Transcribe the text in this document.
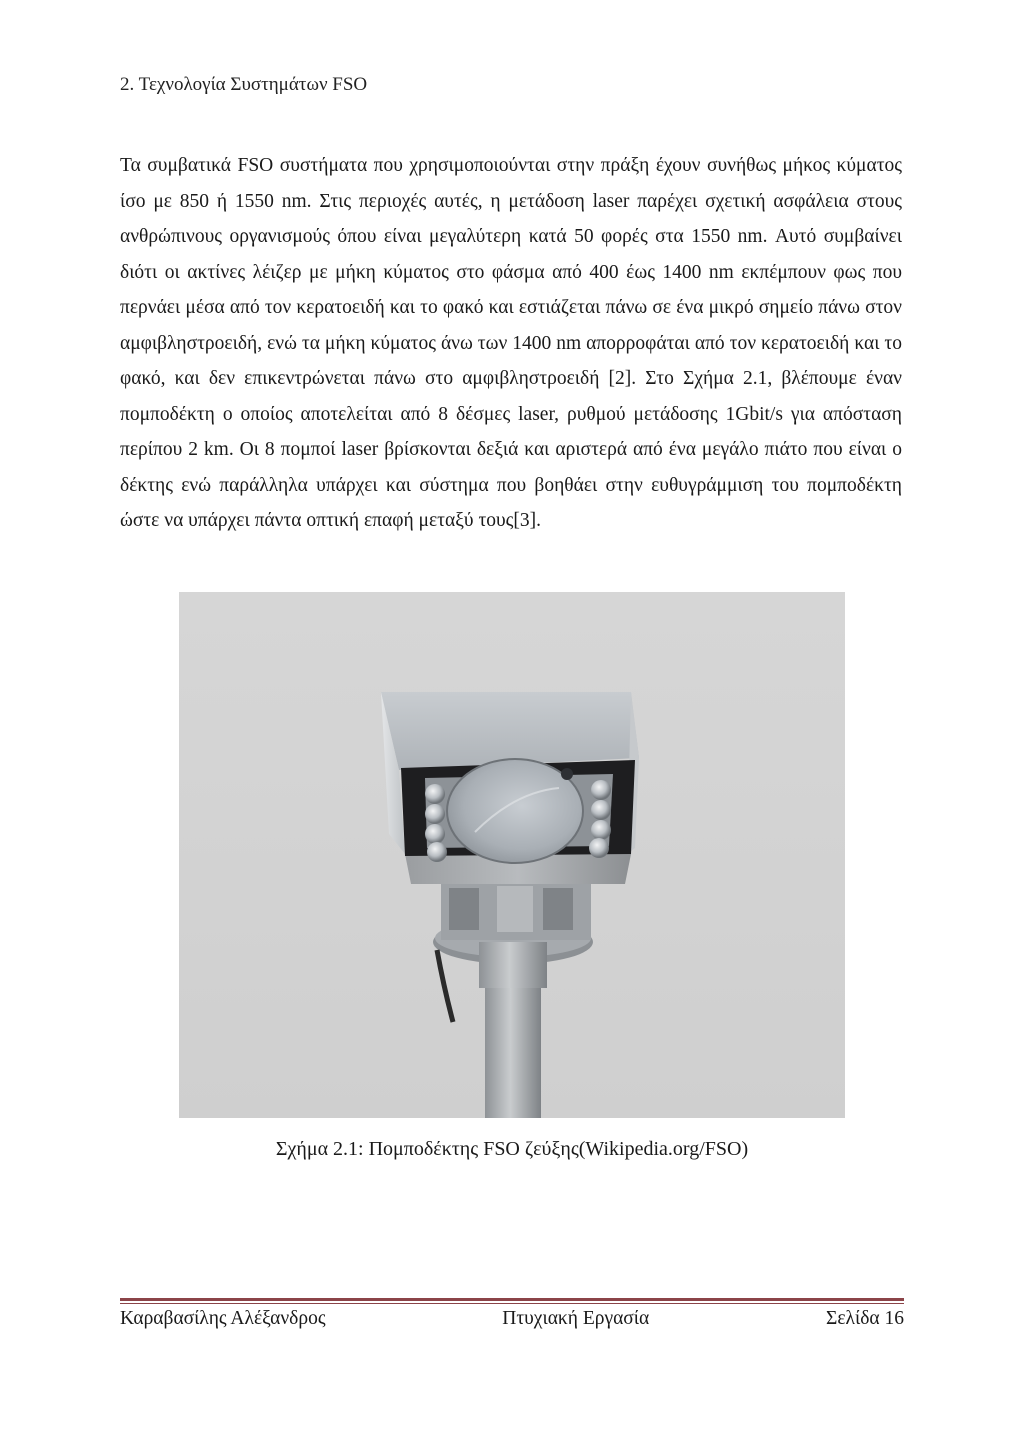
2. Τεχνολογία Συστημάτων FSO
Τα συμβατικά FSO συστήματα που χρησιμοποιούνται στην πράξη έχουν συνήθως μήκος κύματος ίσο με 850 ή 1550 nm. Στις περιοχές αυτές, η μετάδοση laser παρέχει σχετική ασφάλεια στους ανθρώπινους οργανισμούς όπου είναι μεγαλύτερη κατά 50 φορές στα 1550 nm. Αυτό συμβαίνει διότι οι ακτίνες λέιζερ με μήκη κύματος στο φάσμα από 400 έως 1400 nm εκπέμπουν φως που περνάει μέσα από τον κερατοειδή και το φακό και εστιάζεται πάνω σε ένα μικρό σημείο πάνω στον αμφιβληστροειδή, ενώ τα μήκη κύματος άνω των 1400 nm απορροφάται από τον κερατοειδή και το φακό, και δεν επικεντρώνεται πάνω στο αμφιβληστροειδή [2]. Στο Σχήμα 2.1, βλέπουμε έναν πομποδέκτη ο οποίος αποτελείται από 8 δέσμες laser, ρυθμού μετάδοσης 1Gbit/s για απόσταση περίπου 2 km. Οι 8 πομποί laser βρίσκονται δεξιά και αριστερά από ένα μεγάλο πιάτο που είναι ο δέκτης ενώ παράλληλα υπάρχει και σύστημα που βοηθάει στην ευθυγράμμιση του πομποδέκτη ώστε να υπάρχει πάντα οπτική επαφή μεταξύ τους[3].
Σχήμα 2.1: Πομποδέκτης FSO ζεύξης(Wikipedia.org/FSO)
Καραβασίλης Αλέξανδρος	Πτυχιακή Εργασία	Σελίδα 16
